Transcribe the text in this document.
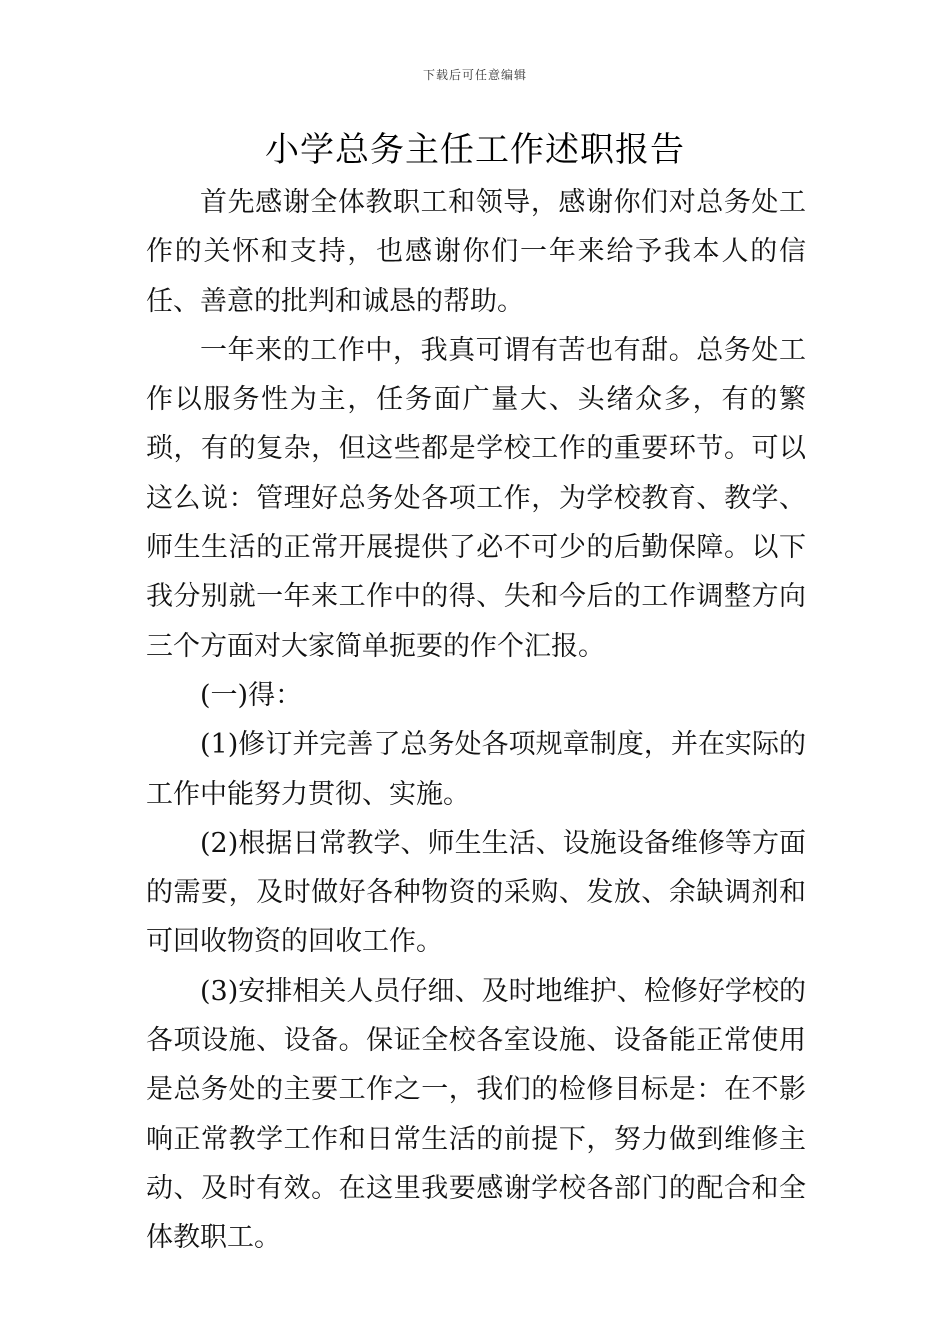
下载后可任意编辑
小学总务主任工作述职报告

首先感谢全体教职工和领导，感谢你们对总务处工作的关怀和支持，也感谢你们一年来给予我本人的信任、善意的批判和诚恳的帮助。

一年来的工作中，我真可谓有苦也有甜。总务处工作以服务性为主，任务面广量大、头绪众多，有的繁琐，有的复杂，但这些都是学校工作的重要环节。可以这么说：管理好总务处各项工作，为学校教育、教学、师生生活的正常开展提供了必不可少的后勤保障。以下我分别就一年来工作中的得、失和今后的工作调整方向三个方面对大家简单扼要的作个汇报。

(一)得：

(1)修订并完善了总务处各项规章制度，并在实际的工作中能努力贯彻、实施。

(2)根据日常教学、师生生活、设施设备维修等方面的需要，及时做好各种物资的采购、发放、余缺调剂和可回收物资的回收工作。

(3)安排相关人员仔细、及时地维护、检修好学校的各项设施、设备。保证全校各室设施、设备能正常使用是总务处的主要工作之一，我们的检修目标是：在不影响正常教学工作和日常生活的前提下，努力做到维修主动、及时有效。在这里我要感谢学校各部门的配合和全体教职工。
